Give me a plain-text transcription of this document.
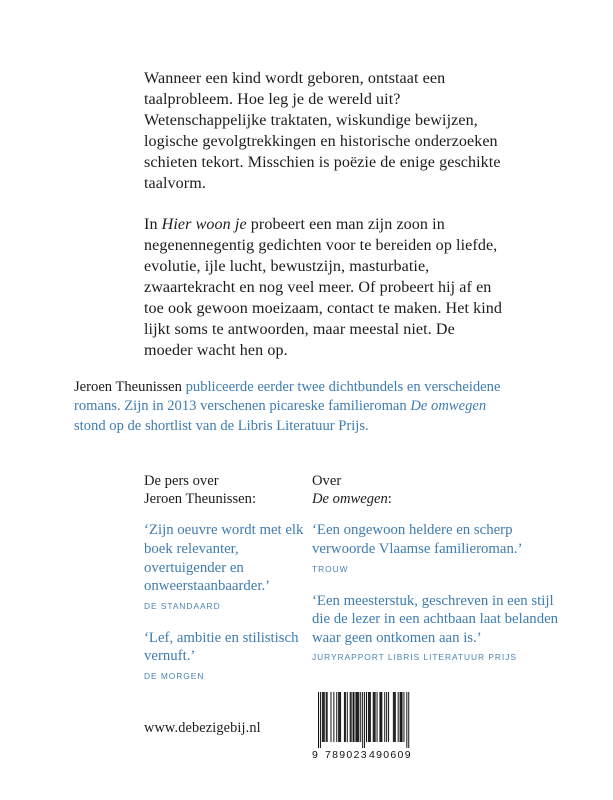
Wanneer een kind wordt geboren, ontstaat een taalprobleem. Hoe leg je de wereld uit? Wetenschappelijke traktaten, wiskundige bewijzen, logische gevolgtrekkingen en historische onderzoeken schieten tekort. Misschien is poëzie de enige geschikte taalvorm.

In Hier woon je probeert een man zijn zoon in negenennegentig gedichten voor te bereiden op liefde, evolutie, ijle lucht, bewustzijn, masturbatie, zwaartekracht en nog veel meer. Of probeert hij af en toe ook gewoon moeizaam, contact te maken. Het kind lijkt soms te antwoorden, maar meestal niet. De moeder wacht hen op.

Jeroen Theunissen publiceerde eerder twee dichtbundels en verscheidene romans. Zijn in 2013 verschenen picareske familieroman De omwegen stond op de shortlist van de Libris Literatuur Prijs.
De pers over
Jeroen Theunissen:

‘Zijn oeuvre wordt met elk boek relevanter, overtuigender en onweerstaanbaarder.’

DE STANDAARD

‘Lef, ambitie en stilistisch vernuft.’

DE MORGEN

Over
De omwegen:

‘Een ongewoon heldere en scherp verwoorde Vlaamse familieroman.’

TROUW

‘Een meesterstuk, geschreven in een stijl die de lezer in een achtbaan laat belanden waar geen ontkomen aan is.’

JURYRAPPORT LIBRIS LITERATUUR PRIJS

www.debezigebij.nl
9 789023 490609
